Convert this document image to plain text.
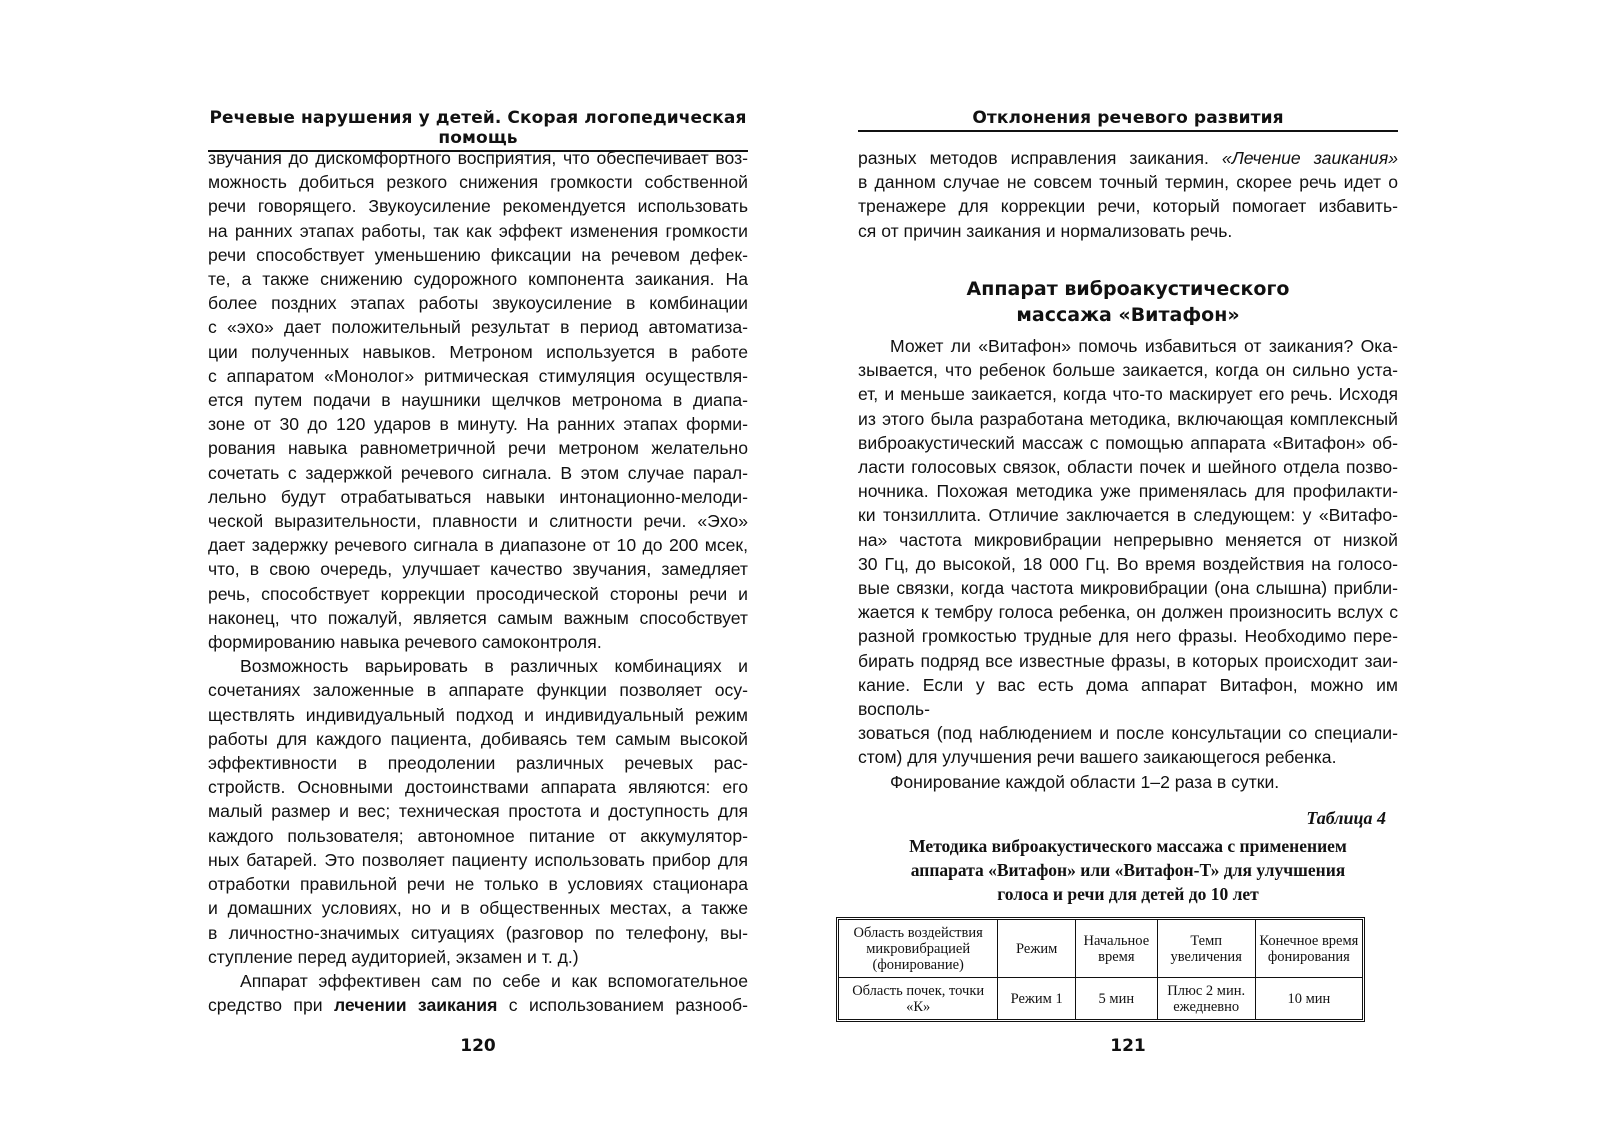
Речевые нарушения у детей. Скорая логопедическая помощь
звучания до дискомфортного восприятия, что обеспечивает воз-
можность добиться резкого снижения громкости собственной
речи говорящего. Звукоусиление рекомендуется использовать
на ранних этапах работы, так как эффект изменения громкости
речи способствует уменьшению фиксации на речевом дефек-
те, а также снижению судорожного компонента заикания. На
более поздних этапах работы звукоусиление в комбинации
с «эхо» дает положительный результат в период автоматиза-
ции полученных навыков. Метроном используется в работе
с аппаратом «Монолог» ритмическая стимуляция осуществля-
ется путем подачи в наушники щелчков метронома в диапа-
зоне от 30 до 120 ударов в минуту. На ранних этапах форми-
рования навыка равнометричной речи метроном желательно
сочетать с задержкой речевого сигнала. В этом случае парал-
лельно будут отрабатываться навыки интонационно-мелоди-
ческой выразительности, плавности и слитности речи. «Эхо»
дает задержку речевого сигнала в диапазоне от 10 до 200 мсек,
что, в свою очередь, улучшает качество звучания, замедляет
речь, способствует коррекции просодической стороны речи и
наконец, что пожалуй, является самым важным способствует
формированию навыка речевого самоконтроля.
Возможность варьировать в различных комбинациях и
сочетаниях заложенные в аппарате функции позволяет осу-
ществлять индивидуальный подход и индивидуальный режим
работы для каждого пациента, добиваясь тем самым высокой
эффективности в преодолении различных речевых рас-
стройств. Основными достоинствами аппарата являются: его
малый размер и вес; техническая простота и доступность для
каждого пользователя; автономное питание от аккумулятор-
ных батарей. Это позволяет пациенту использовать прибор для
отработки правильной речи не только в условиях стационара
и домашних условиях, но и в общественных местах, а также
в личностно-значимых ситуациях (разговор по телефону, вы-
ступление перед аудиторией, экзамен и т. д.)
Аппарат эффективен сам по себе и как вспомогательное
средство при лечении заикания с использованием разнооб-
120
Отклонения речевого развития
разных методов исправления заикания. «Лечение заикания»
в данном случае не совсем точный термин, скорее речь идет о
тренажере для коррекции речи, который помогает избавить-
ся от причин заикания и нормализовать речь.
Аппарат виброакустического
массажа «Витафон»
Может ли «Витафон» помочь избавиться от заикания? Ока-
зывается, что ребенок больше заикается, когда он сильно уста-
ет, и меньше заикается, когда что-то маскирует его речь. Исходя
из этого была разработана методика, включающая комплексный
виброакустический массаж с помощью аппарата «Витафон» об-
ласти голосовых связок, области почек и шейного отдела позво-
ночника. Похожая методика уже применялась для профилакти-
ки тонзиллита. Отличие заключается в следующем: у «Витафо-
на» частота микровибрации непрерывно меняется от низкой
30 Гц, до высокой, 18 000 Гц. Во время воздействия на голосо-
вые связки, когда частота микровибрации (она слышна) прибли-
жается к тембру голоса ребенка, он должен произносить вслух с
разной громкостью трудные для него фразы. Необходимо пере-
бирать подряд все известные фразы, в которых происходит заи-
кание. Если у вас есть дома аппарат Витафон, можно им восполь-
зоваться (под наблюдением и после консультации со специали-
стом) для улучшения речи вашего заикающегося ребенка.
Фонирование каждой области 1–2 раза в сутки.
Таблица 4
Методика виброакустического массажа с применением
аппарата «Витафон» или «Витафон-Т» для улучшения
голоса и речи для детей до 10 лет
Область воздействия микровибрацией (фонирование)	Режим	Начальное время	Темп увеличения	Конечное время фонирования
Область почек, точки «К»	Режим 1	5 мин	Плюс 2 мин. ежедневно	10 мин
121
